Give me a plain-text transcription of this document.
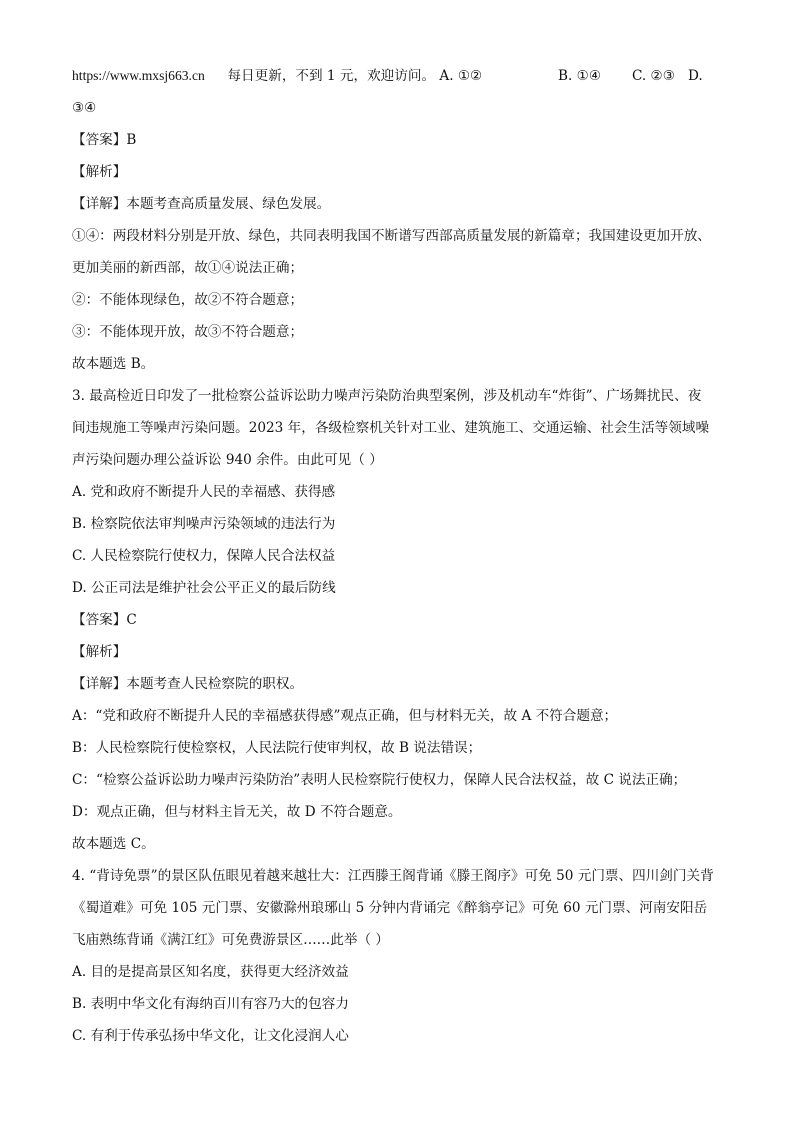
https://www.mxsj663.cn 每日更新，不到 1 元，欢迎访问。 A. ①②	B. ①④ C. ②③ D.
③④
【答案】B
【解析】
【详解】本题考查高质量发展、绿色发展。
①④：两段材料分别是开放、绿色，共同表明我国不断谱写西部高质量发展的新篇章；我国建设更加开放、
更加美丽的新西部，故①④说法正确；
②：不能体现绿色，故②不符合题意；
③：不能体现开放，故③不符合题意；
故本题选 B。
3. 最高检近日印发了一批检察公益诉讼助力噪声污染防治典型案例，涉及机动车“炸街”、广场舞扰民、夜
间违规施工等噪声污染问题。2023 年，各级检察机关针对工业、建筑施工、交通运输、社会生活等领域噪
声污染问题办理公益诉讼 940 余件。由此可见（ ）
A. 党和政府不断提升人民的幸福感、获得感
B. 检察院依法审判噪声污染领域的违法行为
C. 人民检察院行使权力，保障人民合法权益
D. 公正司法是维护社会公平正义的最后防线
【答案】C
【解析】
【详解】本题考查人民检察院的职权。
A：“党和政府不断提升人民的幸福感获得感”观点正确，但与材料无关，故 A 不符合题意；
B：人民检察院行使检察权，人民法院行使审判权，故 B 说法错误；
C：“检察公益诉讼助力噪声污染防治”表明人民检察院行使权力，保障人民合法权益，故 C 说法正确；
D：观点正确，但与材料主旨无关，故 D 不符合题意。
故本题选 C。
4. “背诗免票”的景区队伍眼见着越来越壮大：江西滕王阁背诵《滕王阁序》可免 50 元门票、四川剑门关背
《蜀道难》可免 105 元门票、安徽滁州琅琊山 5 分钟内背诵完《醉翁亭记》可免 60 元门票、河南安阳岳
飞庙熟练背诵《满江红》可免费游景区……此举（ ）
A. 目的是提高景区知名度，获得更大经济效益
B. 表明中华文化有海纳百川有容乃大的包容力
C. 有利于传承弘扬中华文化，让文化浸润人心
